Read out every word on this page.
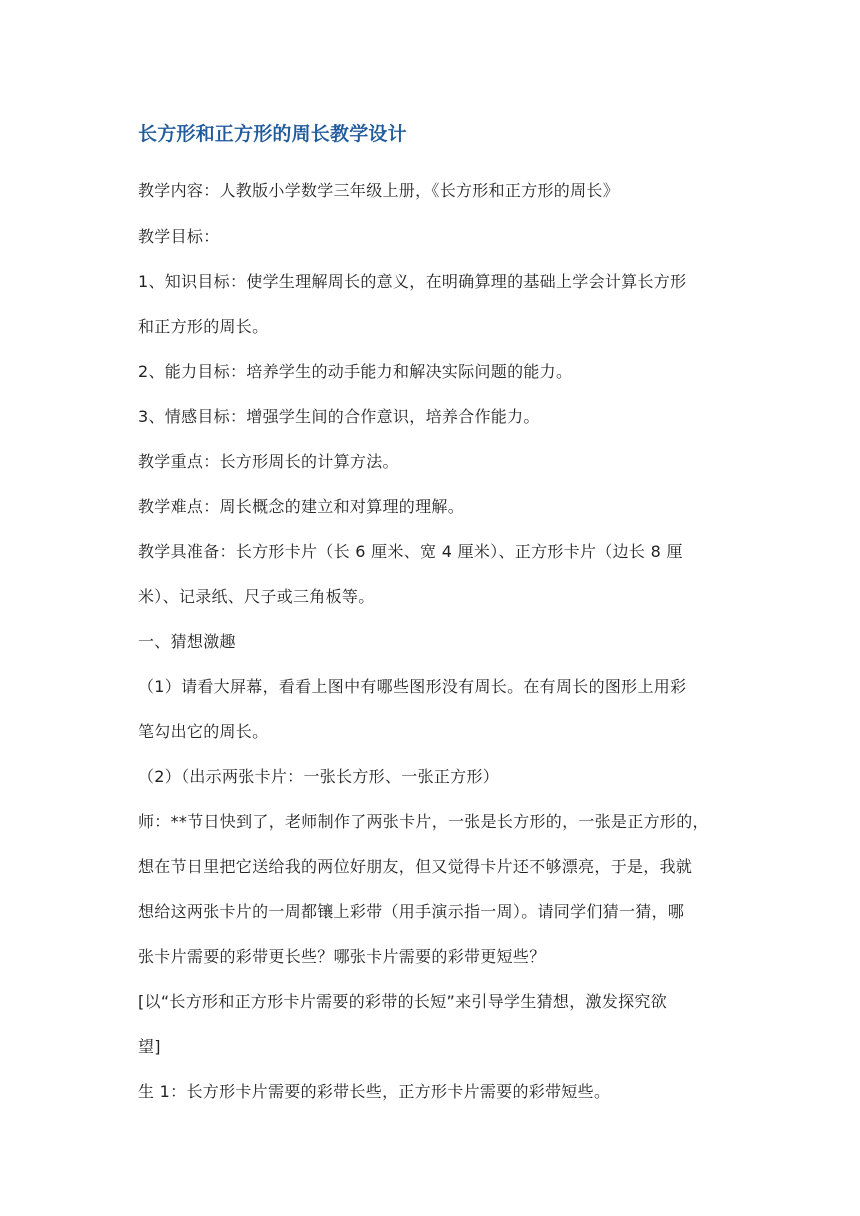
长方形和正方形的周长教学设计
教学内容：人教版小学数学三年级上册，《长方形和正方形的周长》
教学目标：
1、知识目标：使学生理解周长的意义，在明确算理的基础上学会计算长方形
和正方形的周长。
2、能力目标：培养学生的动手能力和解决实际问题的能力。
3、情感目标：增强学生间的合作意识，培养合作能力。
教学重点：长方形周长的计算方法。
教学难点：周长概念的建立和对算理的理解。
教学具准备：长方形卡片（长 6 厘米、宽 4 厘米）、正方形卡片（边长 8 厘
米）、记录纸、尺子或三角板等。
一、猜想激趣
（1）请看大屏幕，看看上图中有哪些图形没有周长。在有周长的图形上用彩
笔勾出它的周长。
（2）（出示两张卡片：一张长方形、一张正方形）
师：**节日快到了，老师制作了两张卡片，一张是长方形的，一张是正方形的，
想在节日里把它送给我的两位好朋友，但又觉得卡片还不够漂亮，于是，我就
想给这两张卡片的一周都镶上彩带（用手演示指一周）。请同学们猜一猜，哪
张卡片需要的彩带更长些？哪张卡片需要的彩带更短些？
[以“长方形和正方形卡片需要的彩带的长短”来引导学生猜想，激发探究欲
望]
生 1：长方形卡片需要的彩带长些，正方形卡片需要的彩带短些。
